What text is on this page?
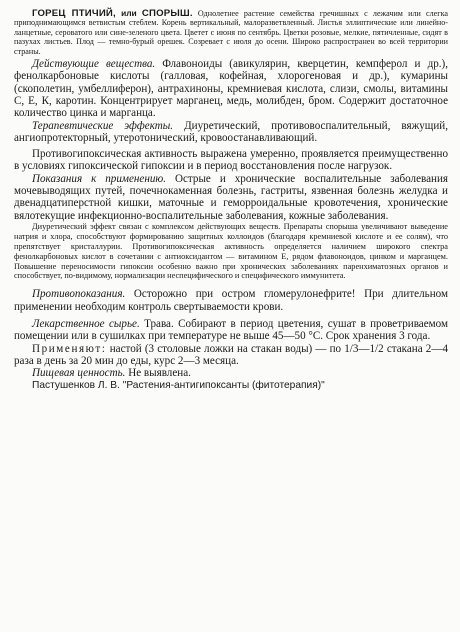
ГОРЕЦ ПТИЧИЙ, или СПОРЫШ. Однолетнее растение семейства гречишных с лежачим или слегка приподнимающимся ветвистым стеблем. Корень вертикальный, малоразветвленный. Листья эллиптические или линейно-ланцетные, сероватого или сине-зеленого цвета. Цветет с июня по сентябрь. Цветки розовые, мелкие, пятичленные, сидят в пазухах листьев. Плод — темно-бурый орешек. Созревает с июля до осени. Широко распространен во всей территории страны.

Действующие вещества. Флавоноиды (авикулярин, кверцетин, кемпферол и др.), фенолкарбоновые кислоты (галловая, кофейная, хлорогеновая и др.), кумарины (скополетин, умбеллиферон), антрахиноны, кремниевая кислота, слизи, смолы, витамины С, Е, К, каротин. Концентрирует марганец, медь, молибден, бром. Содержит достаточное количество цинка и марганца.

Терапевтические эффекты. Диуретический, противовоспалительный, вяжущий, ангиопротекторный, утеротонический, кровоостанавливающий.

Противогипоксическая активность выражена умеренно, проявляется преимущественно в условиях гипоксической гипоксии и в период восстановления после нагрузок.

Показания к применению. Острые и хронические воспалительные заболевания мочевыводящих путей, почечнокаменная болезнь, гастриты, язвенная болезнь желудка и двенадцатиперстной кишки, маточные и геморроидальные кровотечения, хронические вялотекущие инфекционно-воспалительные заболевания, кожные заболевания.

Диуретический эффект связан с комплексом действующих веществ. Препараты спорыша увеличивают выведение натрия и хлора, способствуют формированию защитных коллоидов (благодаря кремниевой кислоте и ее солям), что препятствует кристаллурии. Противогипоксическая активность определяется наличием широкого спектра фенолкарбоновых кислот в сочетании с антиоксидантом — витамином Е, рядом флавоноидов, цинком и марганцем. Повышение переносимости гипоксии особенно важно при хронических заболеваниях паренхиматозных органов и способствует, по-видимому, нормализации неспецифического и специфического иммунитета.

Противопоказания. Осторожно при остром гломерулонефрите! При длительном применении необходим контроль свертываемости крови.

Лекарственное сырье. Трава. Собирают в период цветения, сушат в проветриваемом помещении или в сушилках при температуре не выше 45—50 °С. Срок хранения 3 года.

Применяют: настой (3 столовые ложки на стакан воды) — по 1/3—1/2 стакана 2—4 раза в день за 20 мин до еды, курс 2—3 месяца.

Пищевая ценность. Не выявлена.

Пастушенков Л. В. "Растения-антигипоксанты (фитотерапия)"
